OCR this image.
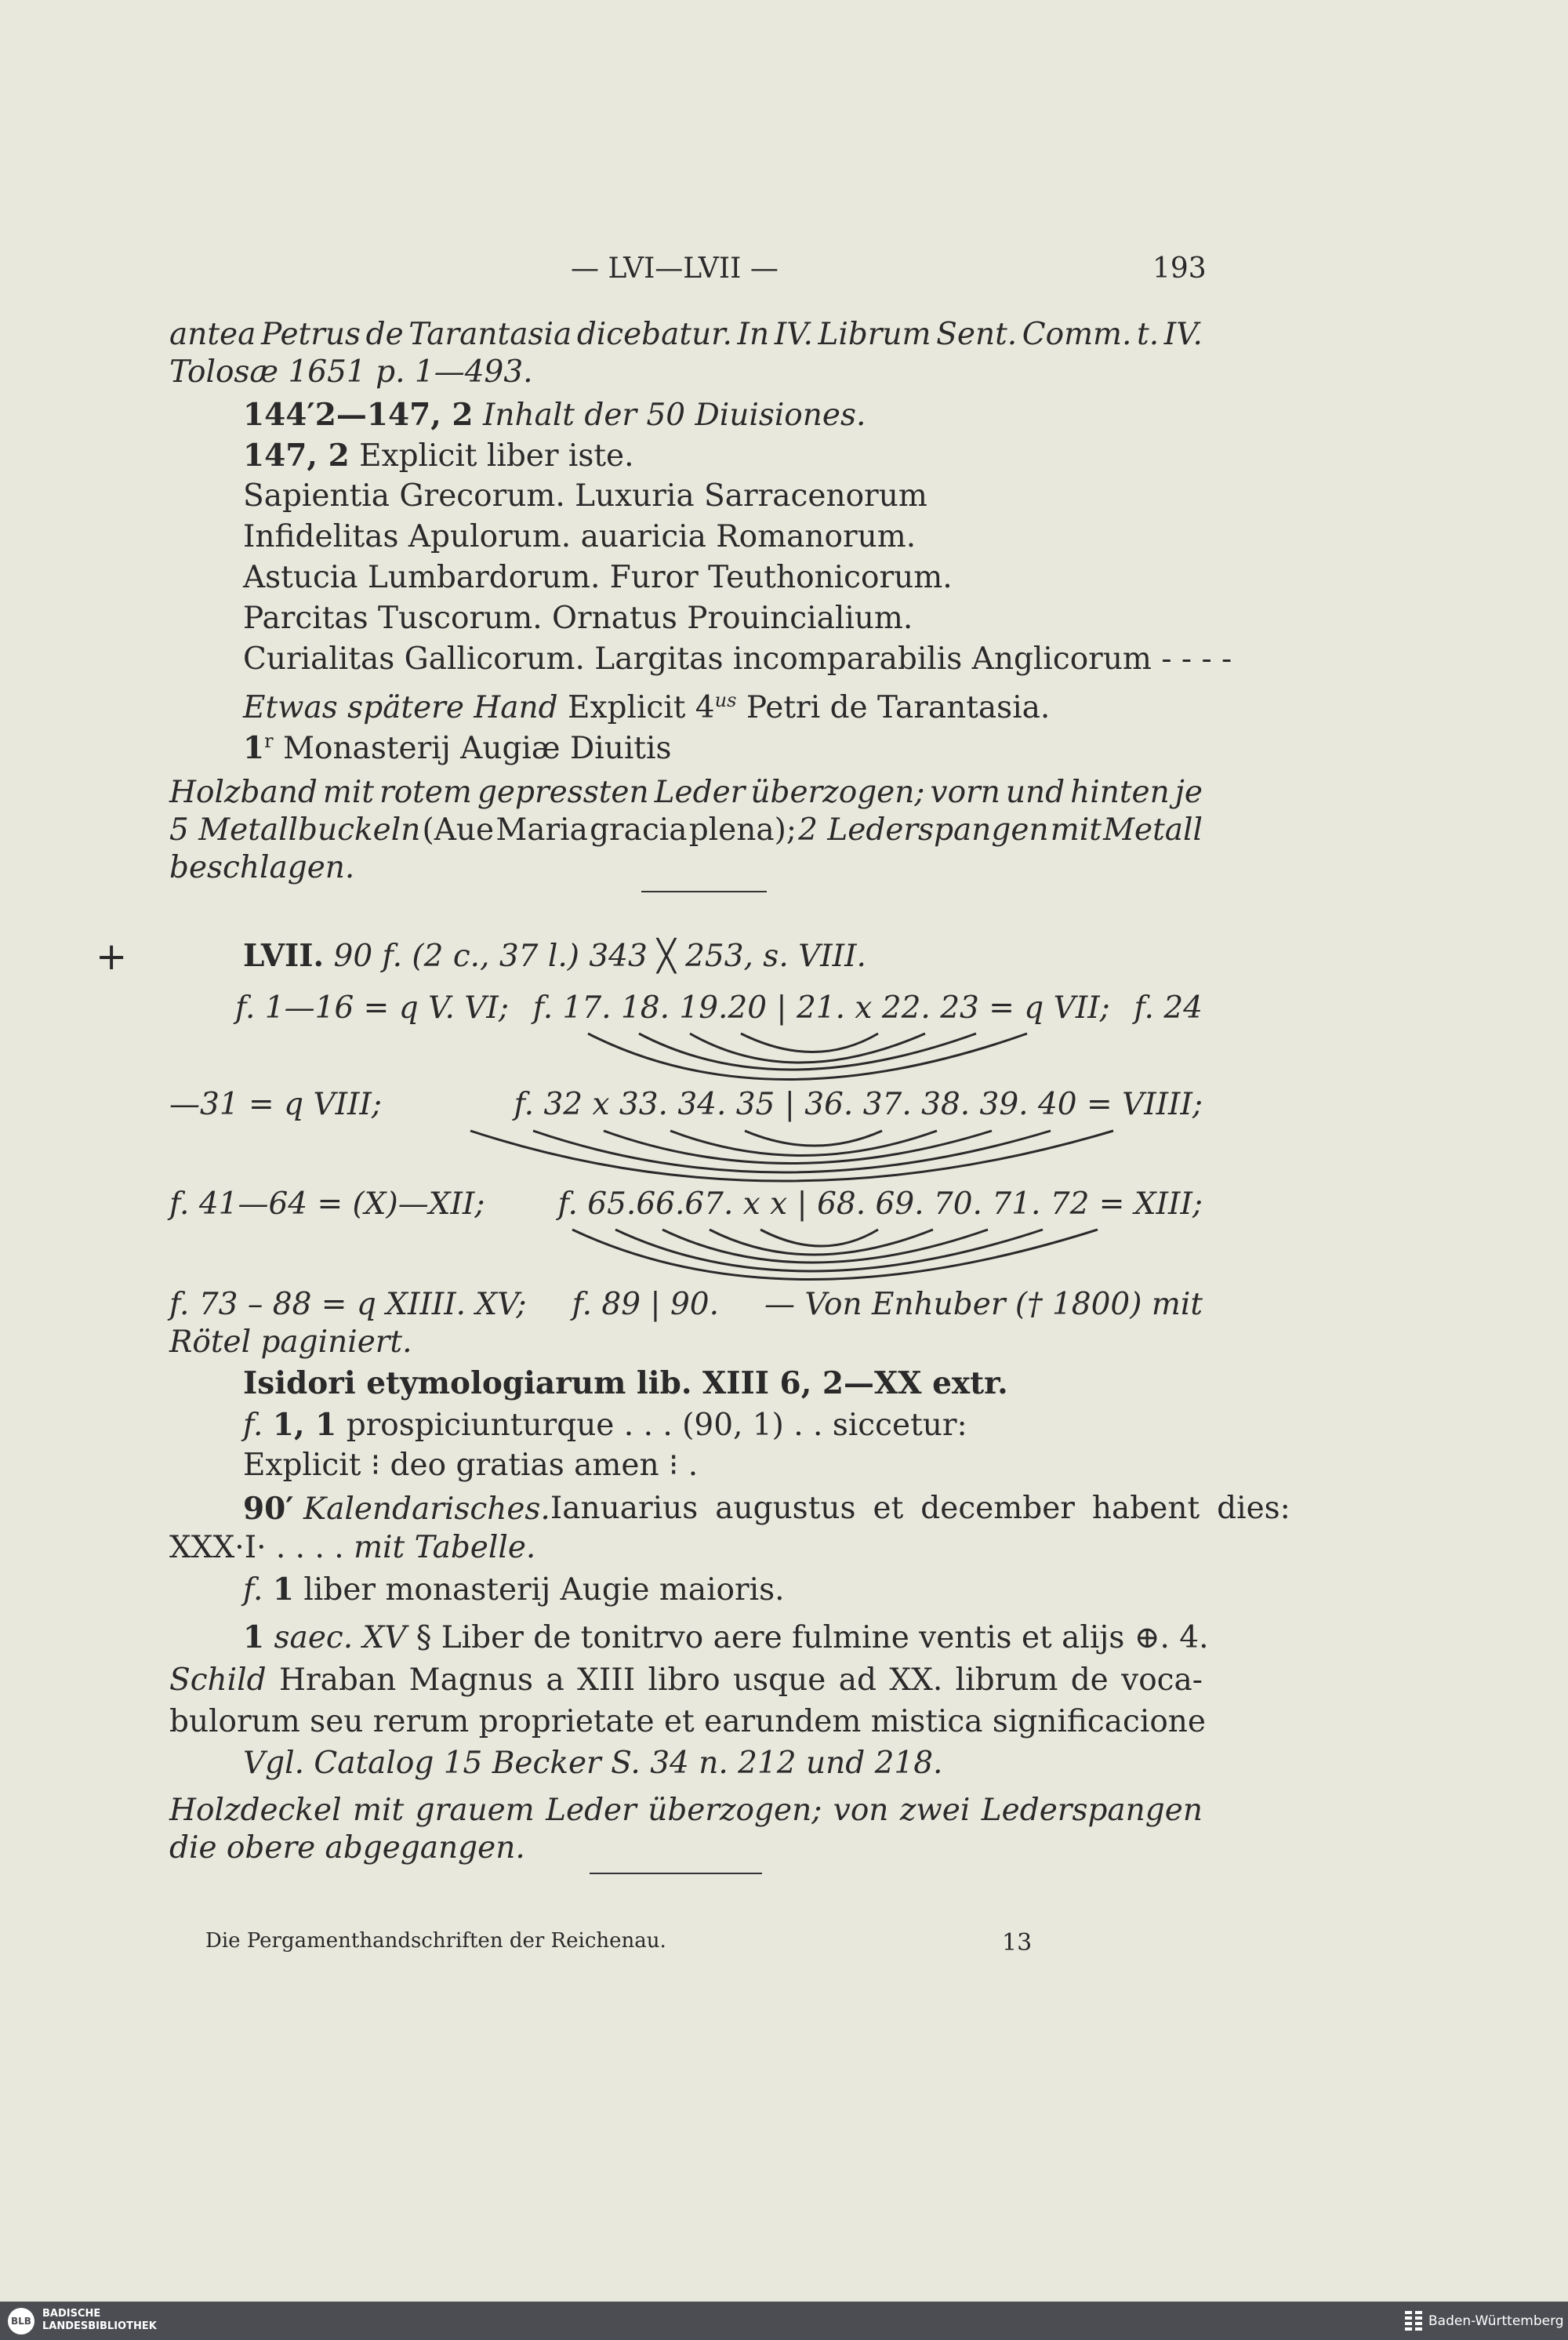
— LVI—LVII —	193
antea Petrus de Tarantasia dicebatur. In IV. Librum Sent. Comm. t. IV.
Tolosæ 1651 p. 1—493.
144′2—147, 2 Inhalt der 50 Diuisiones.
147, 2 Explicit liber iste.
Sapientia Grecorum. Luxuria Sarracenorum
Infidelitas Apulorum. auaricia Romanorum.
Astucia Lumbardorum. Furor Teuthonicorum.
Parcitas Tuscorum. Ornatus Prouincialium.
Curialitas Gallicorum. Largitas incomparabilis Anglicorum - - - -
Etwas spätere Hand Explicit $4^{us}$ Petri de Tarantasia.
1$^r$ Monasterij Augiæ Diuitis
Holzband mit rotem gepressten Leder überzogen; vorn und hinten je
5 Metallbuckeln (Aue Maria gracia plena); 2 Lederspangen mit Metall
beschlagen.
+	LVII. 90 f. (2 c., 37 l.) 343 ╳ 253, s. VIII.
f. 1—16 = q V. VI; f. 17. 18. 19.20 | 21. x 22. 23 = q VII; f. 24
—31 = q VIII;	f. 32 x 33. 34. 35 | 36. 37. 38. 39. 40 = VIIII;
f. 41—64 = (X)—XII; f. 65.66.67. x x | 68. 69. 70. 71. 72 = XIII;
f. 73 – 88 = q XIIII. XV; f. 89 | 90. — Von Enhuber († 1800) mit
Rötel paginiert.
Isidori etymologiarum lib. XIII 6, 2—XX extr.
f. 1, 1 prospiciunturque . . . (90, 1) . . siccetur:
Explicit ⁝ deo gratias amen ⁝ .
90′ Kalendarisches. Ianuarius augustus et december habent dies:
XXX·I· . . . . mit Tabelle.
f. 1 liber monasterij Augie maioris.
1 saec. XV § Liber de tonitrvo aere fulmine ventis et alijs ⊕. 4.
Schild Hraban Magnus a XIII libro usque ad XX. librum de voca-
bulorum seu rerum proprietate et earundem mistica significacione
Vgl. Catalog 15 Becker S. 34 n. 212 und 218.
Holzdeckel mit grauem Leder überzogen; von zwei Lederspangen
die obere abgegangen.
Die Pergamenthandschriften der Reichenau.	13
BLB
BADISCHE
LANDESBIBLIOTHEK	Baden-Württemberg
